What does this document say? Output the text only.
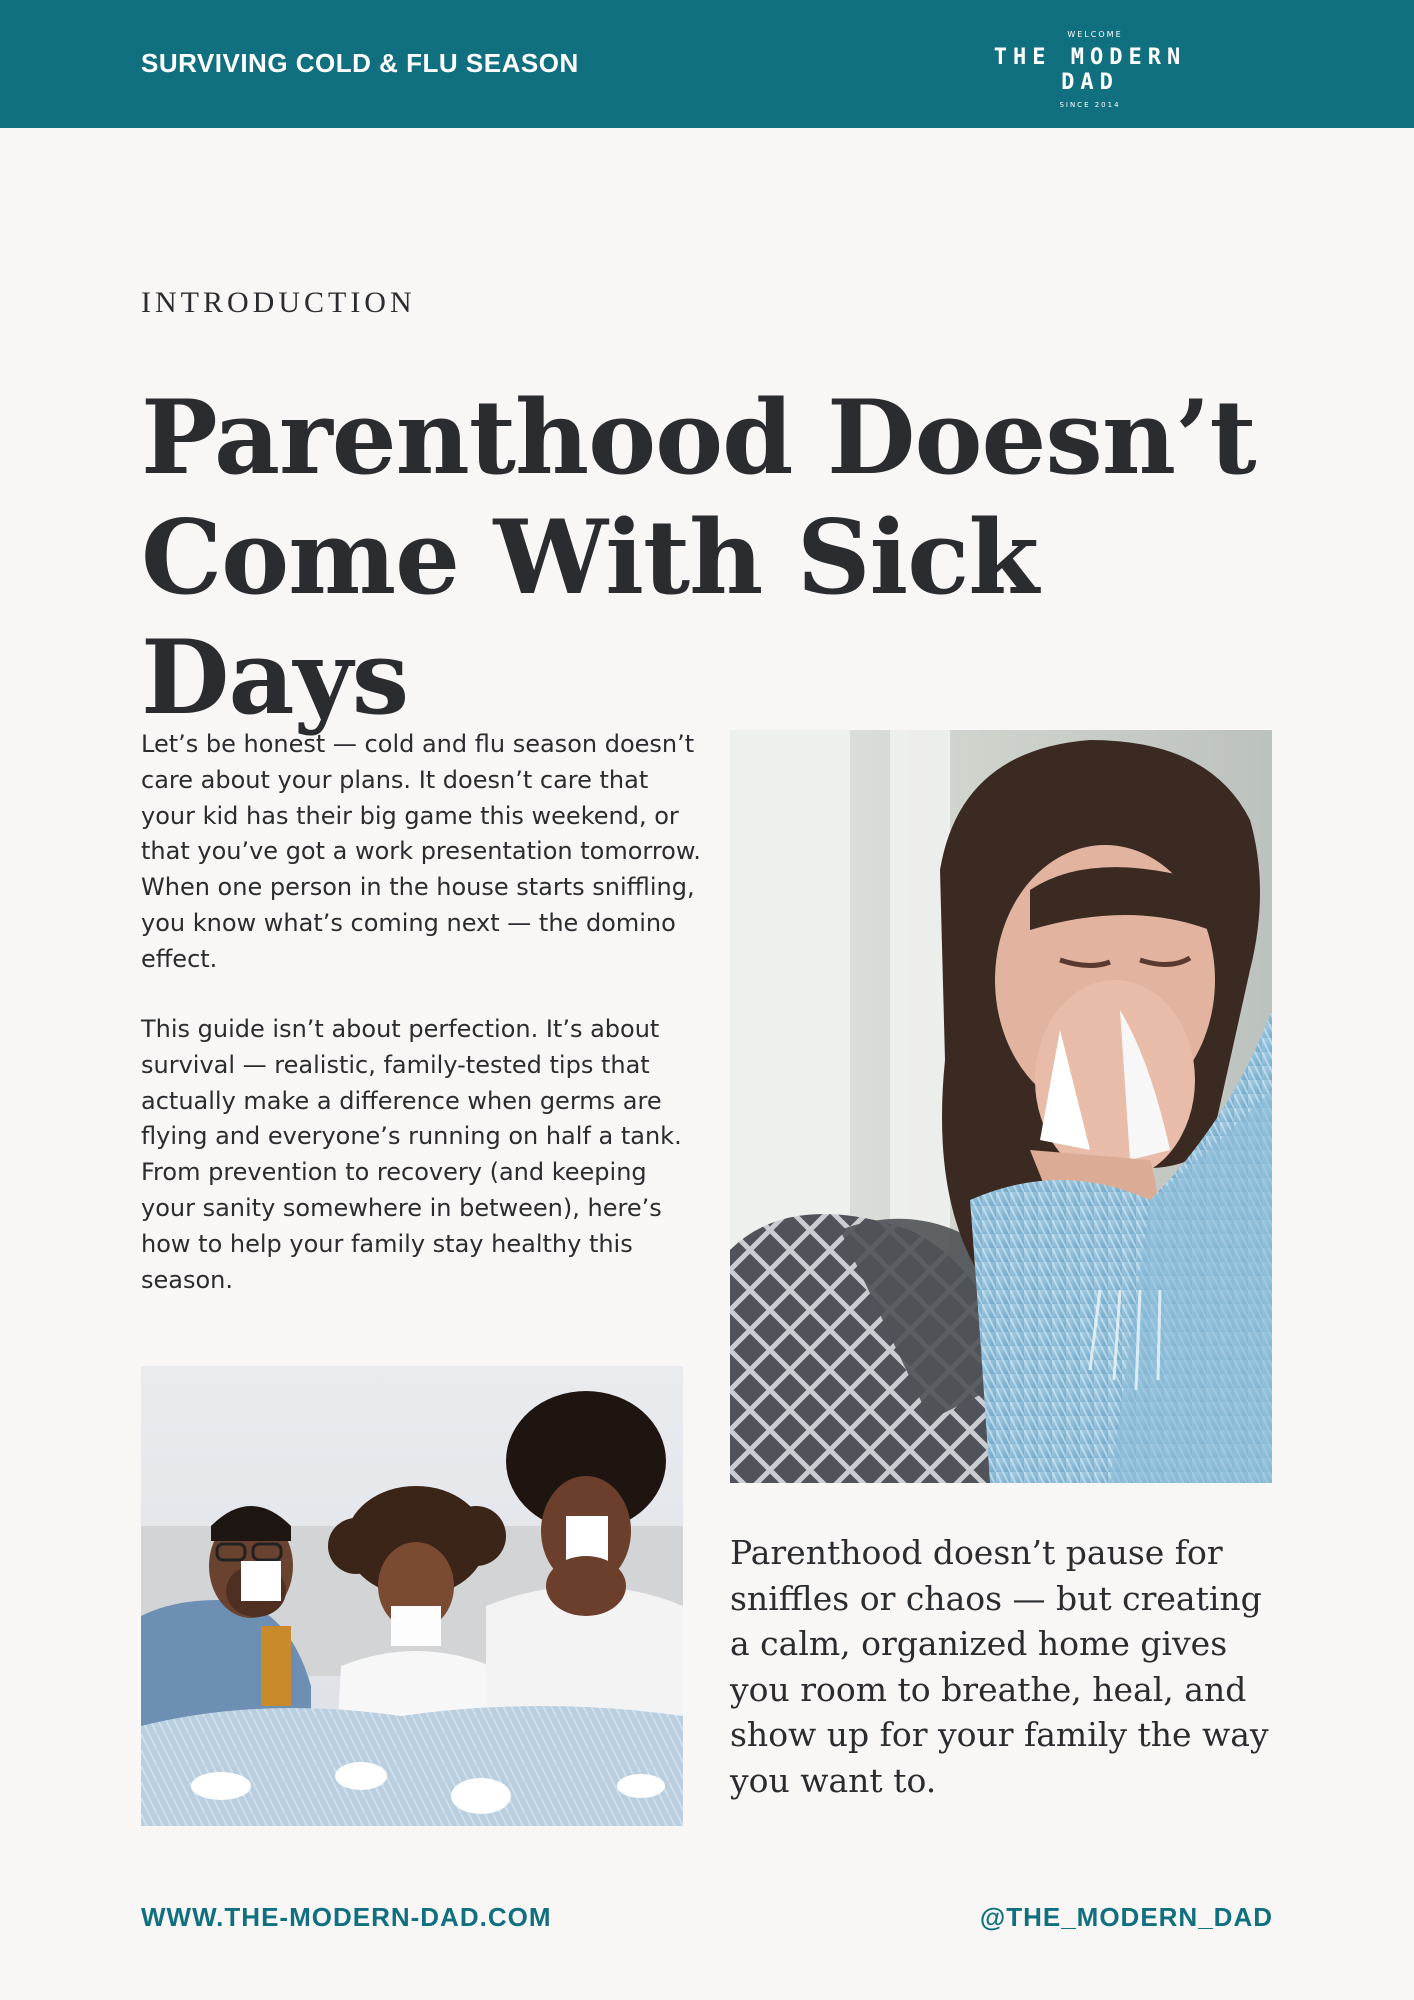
SURVIVING COLD & FLU SEASON
WELCOME
THE MODERN DAD
SINCE 2014
INTRODUCTION
Parenthood Doesn’t
Come With Sick Days

Let’s be honest — cold and flu season doesn’t care about your plans. It doesn’t care that your kid has their big game this weekend, or that you’ve got a work presentation tomorrow. When one person in the house starts sniffling, you know what’s coming next — the domino effect.

This guide isn’t about perfection. It’s about survival — realistic, family-tested tips that actually make a difference when germs are flying and everyone’s running on half a tank. From prevention to recovery (and keeping your sanity somewhere in between), here’s how to help your family stay healthy this season.

Parenthood doesn’t pause for sniffles or chaos — but creating a calm, organized home gives you room to breathe, heal, and show up for your family the way you want to.

WWW.THE-MODERN-DAD.COM	@THE_MODERN_DAD
